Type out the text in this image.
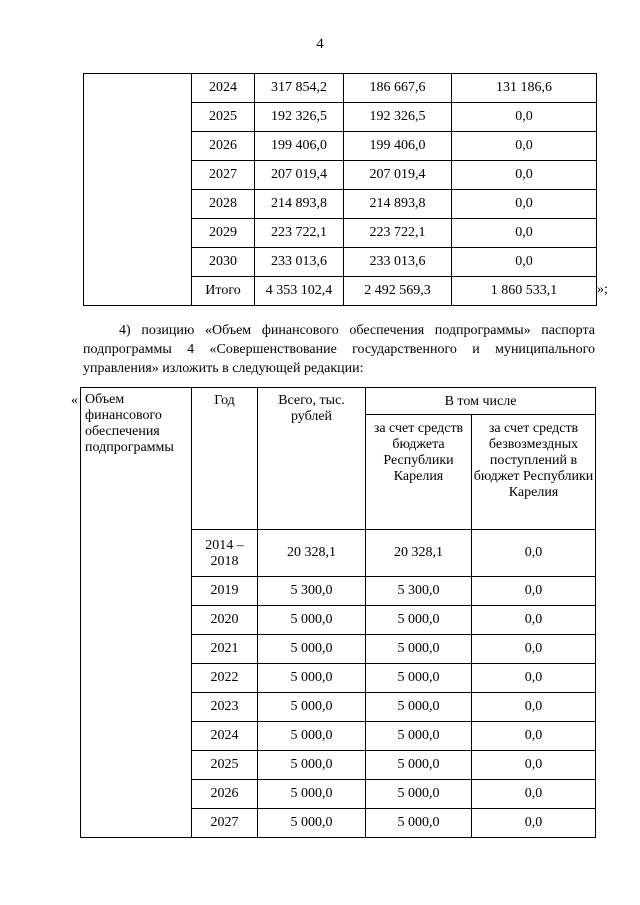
4
	2024	317 854,2	186 667,6	131 186,6
	2025	192 326,5	192 326,5	0,0
	2026	199 406,0	199 406,0	0,0
	2027	207 019,4	207 019,4	0,0
	2028	214 893,8	214 893,8	0,0
	2029	223 722,1	223 722,1	0,0
	2030	233 013,6	233 013,6	0,0
	Итого	4 353 102,4	2 492 569,3	1 860 533,1	»;
4) позицию «Объем финансового обеспечения подпрограммы» паспорта подпрограммы 4 «Совершенствование государственного и муниципального управления» изложить в следующей редакции:
« Объем финансового обеспечения подпрограммы	Год	Всего, тыс. рублей	В том числе	
			за счет средств бюджета Республики Карелия	за счет средств безвозмездных поступлений в бюджет Республики Карелия
	2014 – 2018	20 328,1	20 328,1	0,0
	2019	5 300,0	5 300,0	0,0
	2020	5 000,0	5 000,0	0,0
	2021	5 000,0	5 000,0	0,0
	2022	5 000,0	5 000,0	0,0
	2023	5 000,0	5 000,0	0,0
	2024	5 000,0	5 000,0	0,0
	2025	5 000,0	5 000,0	0,0
	2026	5 000,0	5 000,0	0,0
	2027	5 000,0	5 000,0	0,0
